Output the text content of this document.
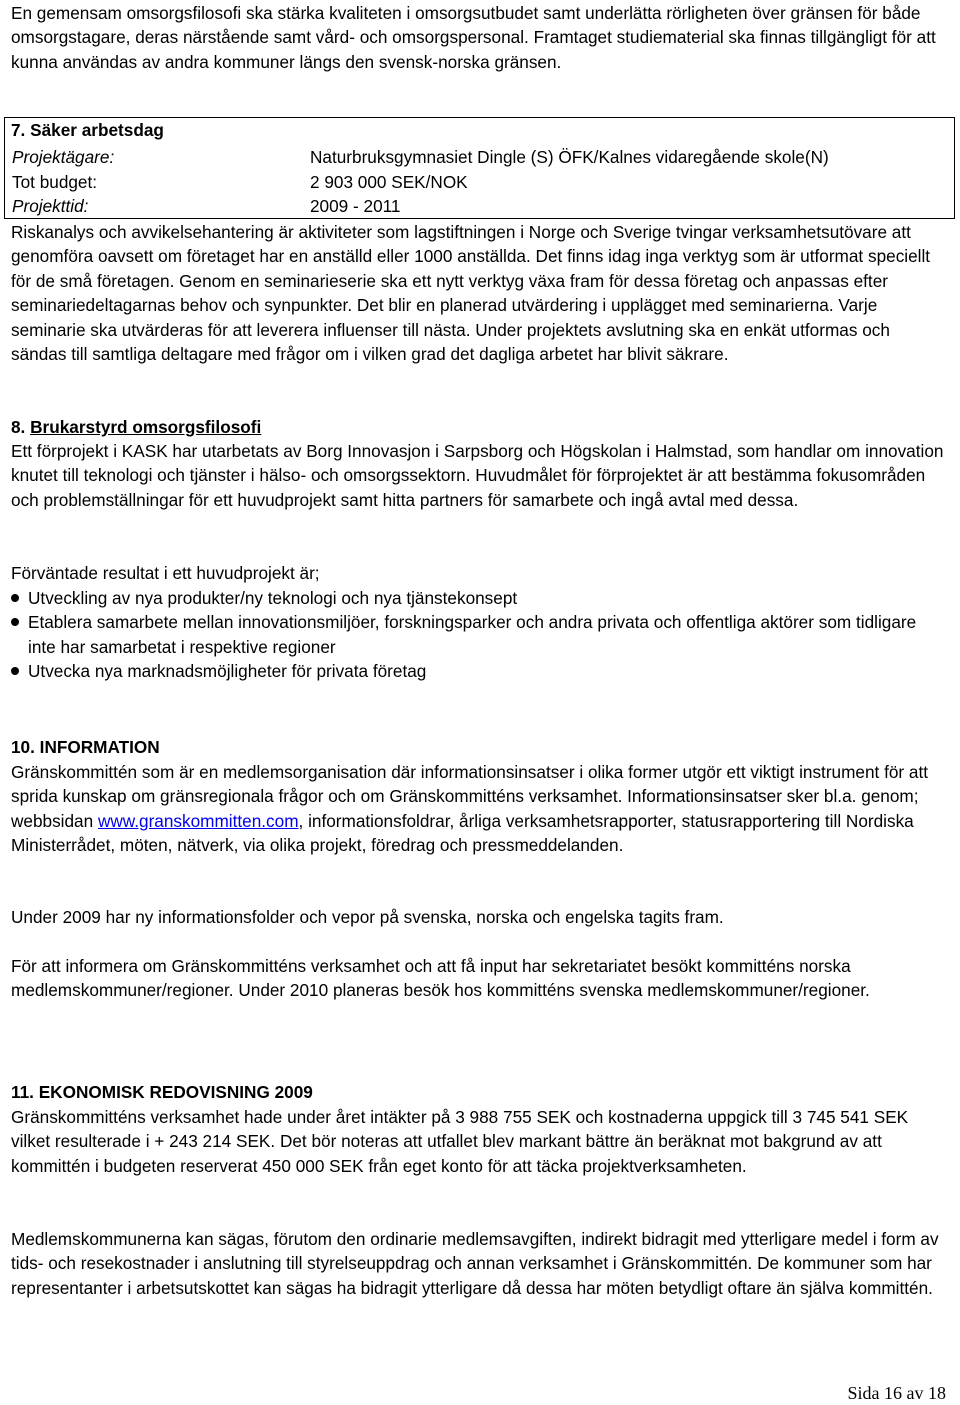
En gemensam omsorgsfilosofi ska stärka kvaliteten i omsorgsutbudet samt underlätta rörligheten över gränsen för både omsorgstagare, deras närstående samt vård- och omsorgspersonal. Framtaget studiematerial ska finnas tillgängligt för att kunna användas av andra kommuner längs den svensk-norska gränsen.

7. Säker arbetsdag

Projektägare:	Naturbruksgymnasiet Dingle (S) ÖFK/Kalnes vidaregående skole(N)
Tot budget:	2 903 000 SEK/NOK
Projekttid:	2009 - 2011

Riskanalys och avvikelsehantering är aktiviteter som lagstiftningen i Norge och Sverige tvingar verksamhetsutövare att genomföra oavsett om företaget har en anställd eller 1000 anställda. Det finns idag inga verktyg som är utformat speciellt för de små företagen. Genom en seminarieserie ska ett nytt verktyg växa fram för dessa företag och anpassas efter seminariedeltagarnas behov och synpunkter. Det blir en planerad utvärdering i upplägget med seminarierna. Varje seminarie ska utvärderas för att leverera influenser till nästa. Under projektets avslutning ska en enkät utformas och sändas till samtliga deltagare med frågor om i vilken grad det dagliga arbetet har blivit säkrare.

8. Brukarstyrd omsorgsfilosofi

Ett förprojekt i KASK har utarbetats av Borg Innovasjon i Sarpsborg och Högskolan i Halmstad, som handlar om innovation knutet till teknologi och tjänster i hälso- och omsorgssektorn. Huvudmålet för förprojektet är att bestämma fokusområden och problemställningar för ett huvudprojekt samt hitta partners för samarbete och ingå avtal med dessa.

Förväntade resultat i ett huvudprojekt är;

Utveckling av nya produkter/ny teknologi och nya tjänstekonsept
Etablera samarbete mellan innovationsmiljöer, forskningsparker och andra privata och offentliga aktörer som tidligare inte har samarbetat i respektive regioner
Utvecka nya marknadsmöjligheter för privata företag

10. INFORMATION

Gränskommittén som är en medlemsorganisation där informationsinsatser i olika former utgör ett viktigt instrument för att sprida kunskap om gränsregionala frågor och om Gränskommitténs verksamhet. Informationsinsatser sker bl.a. genom; webbsidan www.granskommitten.com, informationsfoldrar, årliga verksamhetsrapporter, statusrapportering till Nordiska Ministerrådet, möten, nätverk, via olika projekt, föredrag och pressmeddelanden.

Under 2009 har ny informationsfolder och vepor på svenska, norska och engelska tagits fram.

För att informera om Gränskommitténs verksamhet och att få input har sekretariatet besökt kommitténs norska medlemskommuner/regioner. Under 2010 planeras besök hos kommitténs svenska medlemskommuner/regioner.

11. EKONOMISK REDOVISNING 2009

Gränskommitténs verksamhet hade under året intäkter på 3 988 755 SEK och kostnaderna uppgick till 3 745 541 SEK vilket resulterade i + 243 214 SEK. Det bör noteras att utfallet blev markant bättre än beräknat mot bakgrund av att kommittén i budgeten reserverat 450 000 SEK från eget konto för att täcka projektverksamheten.

Medlemskommunerna kan sägas, förutom den ordinarie medlemsavgiften, indirekt bidragit med ytterligare medel i form av tids- och resekostnader i anslutning till styrelseuppdrag och annan verksamhet i Gränskommittén. De kommuner som har representanter i arbetsutskottet kan sägas ha bidragit ytterligare då dessa har möten betydligt oftare än själva kommittén.

Sida 16 av 18
